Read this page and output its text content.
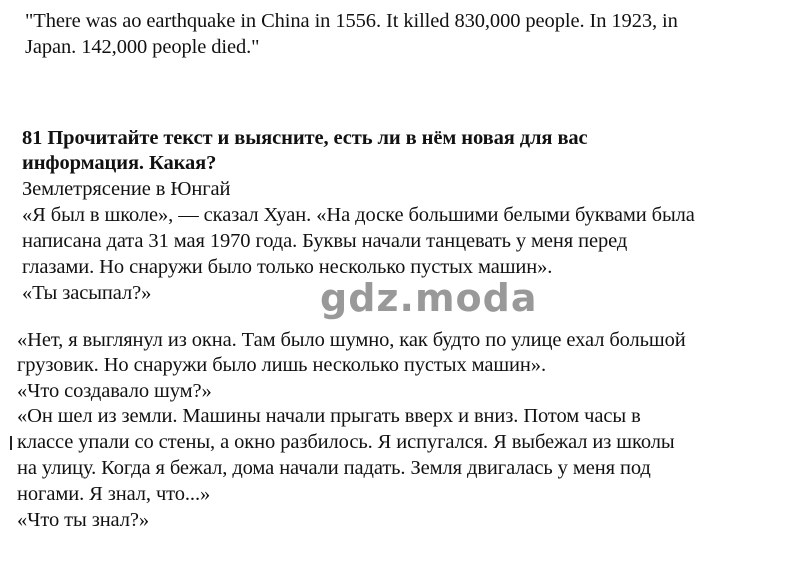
"There was ao earthquake in China in 1556. It killed 830,000 people. In 1923, in
Japan. 142,000 people died."
81 Прочитайте текст и выясните, есть ли в нём новая для вас
информация. Какая?
Землетрясение в Юнгай
«Я был в школе», — сказал Хуан. «На доске большими белыми буквами была
написана дата 31 мая 1970 года. Буквы начали танцевать у меня перед
глазами. Но снаружи было только несколько пустых машин».
«Ты засыпал?»	gdz.moda
«Нет, я выглянул из окна. Там было шумно, как будто по улице ехал большой
грузовик. Но снаружи было лишь несколько пустых машин».
«Что создавало шум?»
«Он шел из земли. Машины начали прыгать вверх и вниз. Потом часы в
классе упали со стены, а окно разбилось. Я испугался. Я выбежал из школы
на улицу. Когда я бежал, дома начали падать. Земля двигалась у меня под
ногами. Я знал, что...»
«Что ты знал?»
